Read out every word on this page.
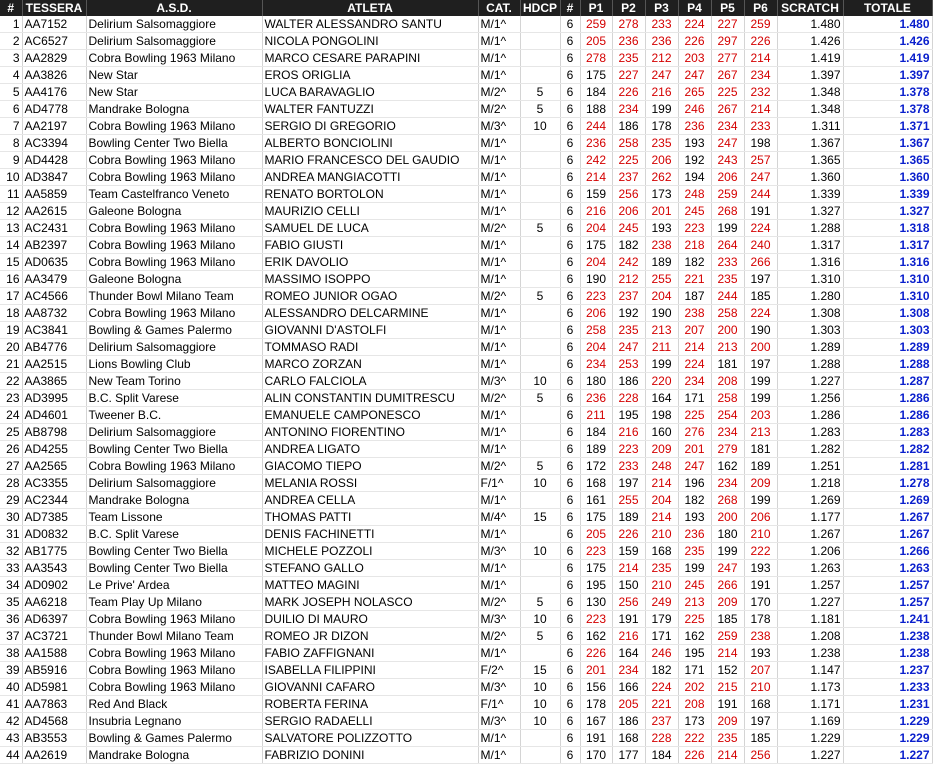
#	TESSERA	A.S.D.	ATLETA	CAT.	HDCP	#	P1	P2	P3	P4	P5	P6	SCRATCH	TOTALE
1	AA7152	Delirium Salsomaggiore	WALTER ALESSANDRO SANTU	M/1^		6	259	278	233	224	227	259	1.480	1.480
2	AC6527	Delirium Salsomaggiore	NICOLA PONGOLINI	M/1^		6	205	236	236	226	297	226	1.426	1.426
3	AA2829	Cobra Bowling 1963 Milano	MARCO CESARE PARAPINI	M/1^		6	278	235	212	203	277	214	1.419	1.419
4	AA3826	New Star	EROS ORIGLIA	M/1^		6	175	227	247	247	267	234	1.397	1.397
5	AA4176	New Star	LUCA BARAVAGLIO	M/2^	5	6	184	226	216	265	225	232	1.348	1.378
6	AD4778	Mandrake Bologna	WALTER FANTUZZI	M/2^	5	6	188	234	199	246	267	214	1.348	1.378
7	AA2197	Cobra Bowling 1963 Milano	SERGIO DI GREGORIO	M/3^	10	6	244	186	178	236	234	233	1.311	1.371
8	AC3394	Bowling Center Two Biella	ALBERTO BONCIOLINI	M/1^		6	236	258	235	193	247	198	1.367	1.367
9	AD4428	Cobra Bowling 1963 Milano	MARIO FRANCESCO DEL GAUDIO	M/1^		6	242	225	206	192	243	257	1.365	1.365
10	AD3847	Cobra Bowling 1963 Milano	ANDREA MANGIACOTTI	M/1^		6	214	237	262	194	206	247	1.360	1.360
11	AA5859	Team Castelfranco Veneto	RENATO BORTOLON	M/1^		6	159	256	173	248	259	244	1.339	1.339
12	AA2615	Galeone Bologna	MAURIZIO CELLI	M/1^		6	216	206	201	245	268	191	1.327	1.327
13	AC2431	Cobra Bowling 1963 Milano	SAMUEL DE LUCA	M/2^	5	6	204	245	193	223	199	224	1.288	1.318
14	AB2397	Cobra Bowling 1963 Milano	FABIO GIUSTI	M/1^		6	175	182	238	218	264	240	1.317	1.317
15	AD0635	Cobra Bowling 1963 Milano	ERIK DAVOLIO	M/1^		6	204	242	189	182	233	266	1.316	1.316
16	AA3479	Galeone Bologna	MASSIMO ISOPPO	M/1^		6	190	212	255	221	235	197	1.310	1.310
17	AC4566	Thunder Bowl Milano Team	ROMEO JUNIOR OGAO	M/2^	5	6	223	237	204	187	244	185	1.280	1.310
18	AA8732	Cobra Bowling 1963 Milano	ALESSANDRO DELCARMINE	M/1^		6	206	192	190	238	258	224	1.308	1.308
19	AC3841	Bowling & Games Palermo	GIOVANNI D'ASTOLFI	M/1^		6	258	235	213	207	200	190	1.303	1.303
20	AB4776	Delirium Salsomaggiore	TOMMASO RADI	M/1^		6	204	247	211	214	213	200	1.289	1.289
21	AA2515	Lions Bowling Club	MARCO ZORZAN	M/1^		6	234	253	199	224	181	197	1.288	1.288
22	AA3865	New Team Torino	CARLO FALCIOLA	M/3^	10	6	180	186	220	234	208	199	1.227	1.287
23	AD3995	B.C. Split Varese	ALIN CONSTANTIN DUMITRESCU	M/2^	5	6	236	228	164	171	258	199	1.256	1.286
24	AD4601	Tweener B.C.	EMANUELE CAMPONESCO	M/1^		6	211	195	198	225	254	203	1.286	1.286
25	AB8798	Delirium Salsomaggiore	ANTONINO FIORENTINO	M/1^		6	184	216	160	276	234	213	1.283	1.283
26	AD4255	Bowling Center Two Biella	ANDREA LIGATO	M/1^		6	189	223	209	201	279	181	1.282	1.282
27	AA2565	Cobra Bowling 1963 Milano	GIACOMO TIEPO	M/2^	5	6	172	233	248	247	162	189	1.251	1.281
28	AC3355	Delirium Salsomaggiore	MELANIA ROSSI	F/1^	10	6	168	197	214	196	234	209	1.218	1.278
29	AC2344	Mandrake Bologna	ANDREA CELLA	M/1^		6	161	255	204	182	268	199	1.269	1.269
30	AD7385	Team Lissone	THOMAS PATTI	M/4^	15	6	175	189	214	193	200	206	1.177	1.267
31	AD0832	B.C. Split Varese	DENIS FACHINETTI	M/1^		6	205	226	210	236	180	210	1.267	1.267
32	AB1775	Bowling Center Two Biella	MICHELE POZZOLI	M/3^	10	6	223	159	168	235	199	222	1.206	1.266
33	AA3543	Bowling Center Two Biella	STEFANO GALLO	M/1^		6	175	214	235	199	247	193	1.263	1.263
34	AD0902	Le Prive' Ardea	MATTEO MAGINI	M/1^		6	195	150	210	245	266	191	1.257	1.257
35	AA6218	Team Play Up Milano	MARK JOSEPH NOLASCO	M/2^	5	6	130	256	249	213	209	170	1.227	1.257
36	AD6397	Cobra Bowling 1963 Milano	DUILIO DI MAURO	M/3^	10	6	223	191	179	225	185	178	1.181	1.241
37	AC3721	Thunder Bowl Milano Team	ROMEO JR DIZON	M/2^	5	6	162	216	171	162	259	238	1.208	1.238
38	AA1588	Cobra Bowling 1963 Milano	FABIO ZAFFIGNANI	M/1^		6	226	164	246	195	214	193	1.238	1.238
39	AB5916	Cobra Bowling 1963 Milano	ISABELLA FILIPPINI	F/2^	15	6	201	234	182	171	152	207	1.147	1.237
40	AD5981	Cobra Bowling 1963 Milano	GIOVANNI CAFARO	M/3^	10	6	156	166	224	202	215	210	1.173	1.233
41	AA7863	Red And Black	ROBERTA FERINA	F/1^	10	6	178	205	221	208	191	168	1.171	1.231
42	AD4568	Insubria Legnano	SERGIO RADAELLI	M/3^	10	6	167	186	237	173	209	197	1.169	1.229
43	AB3553	Bowling & Games Palermo	SALVATORE POLIZZOTTO	M/1^		6	191	168	228	222	235	185	1.229	1.229
44	AA2619	Mandrake Bologna	FABRIZIO DONINI	M/1^		6	170	177	184	226	214	256	1.227	1.227
